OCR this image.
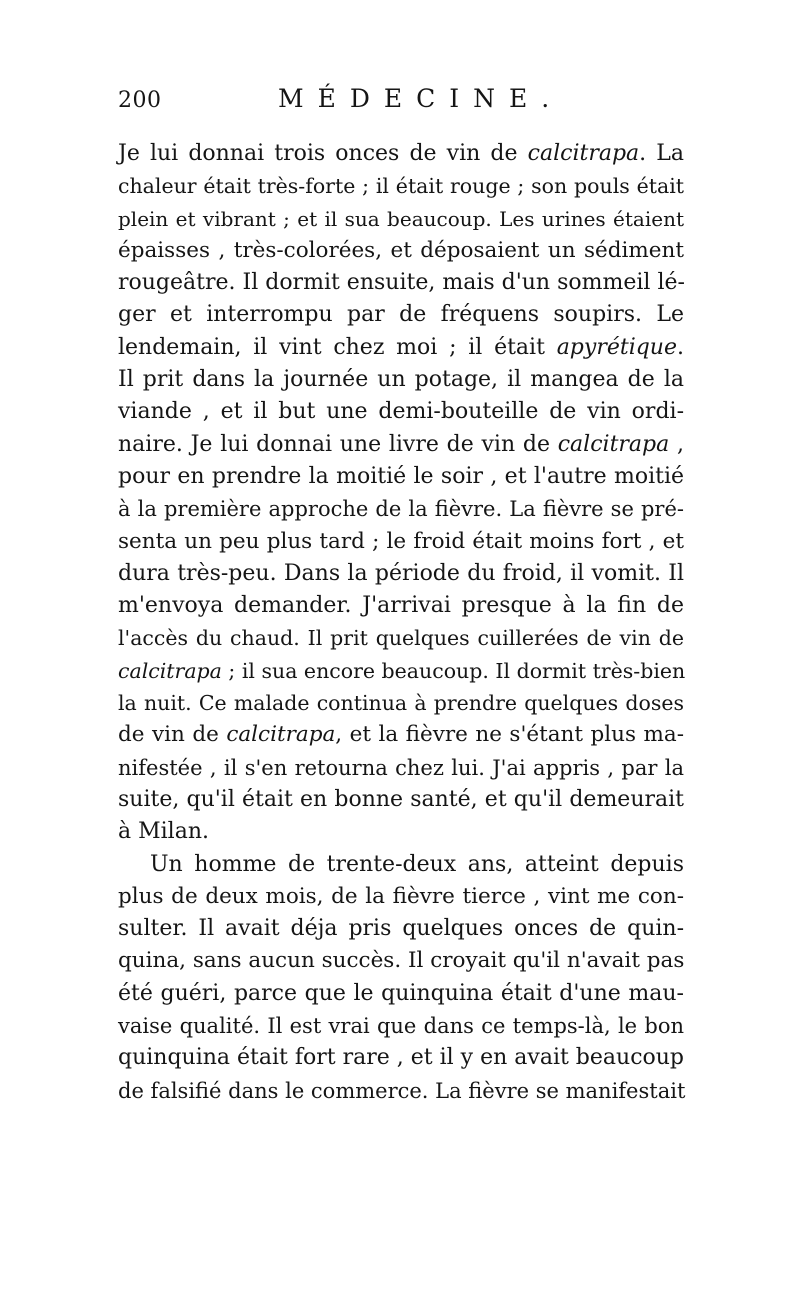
200	MÉDECINE.
Je lui donnai trois onces de vin de calcitrapa. La
chaleur était très-forte ; il était rouge ; son pouls était
plein et vibrant ; et il sua beaucoup. Les urines étaient
épaisses , très-colorées, et déposaient un sédiment
rougeâtre. Il dormit ensuite, mais d'un sommeil lé-
ger et interrompu par de fréquens soupirs. Le
lendemain, il vint chez moi ; il était apyrétique.
Il prit dans la journée un potage, il mangea de la
viande , et il but une demi-bouteille de vin ordi-
naire. Je lui donnai une livre de vin de calcitrapa ,
pour en prendre la moitié le soir , et l'autre moitié
à la première approche de la fièvre. La fièvre se pré-
senta un peu plus tard ; le froid était moins fort , et
dura très-peu. Dans la période du froid, il vomit. Il
m'envoya demander. J'arrivai presque à la fin de
l'accès du chaud. Il prit quelques cuillerées de vin de
calcitrapa ; il sua encore beaucoup. Il dormit très-bien
la nuit. Ce malade continua à prendre quelques doses
de vin de calcitrapa, et la fièvre ne s'étant plus ma-
nifestée , il s'en retourna chez lui. J'ai appris , par la
suite, qu'il était en bonne santé, et qu'il demeurait
à Milan.
Un homme de trente-deux ans, atteint depuis
plus de deux mois, de la fièvre tierce , vint me con-
sulter. Il avait déja pris quelques onces de quin-
quina, sans aucun succès. Il croyait qu'il n'avait pas
été guéri, parce que le quinquina était d'une mau-
vaise qualité. Il est vrai que dans ce temps-là, le bon
quinquina était fort rare , et il y en avait beaucoup
de falsifié dans le commerce. La fièvre se manifestait
